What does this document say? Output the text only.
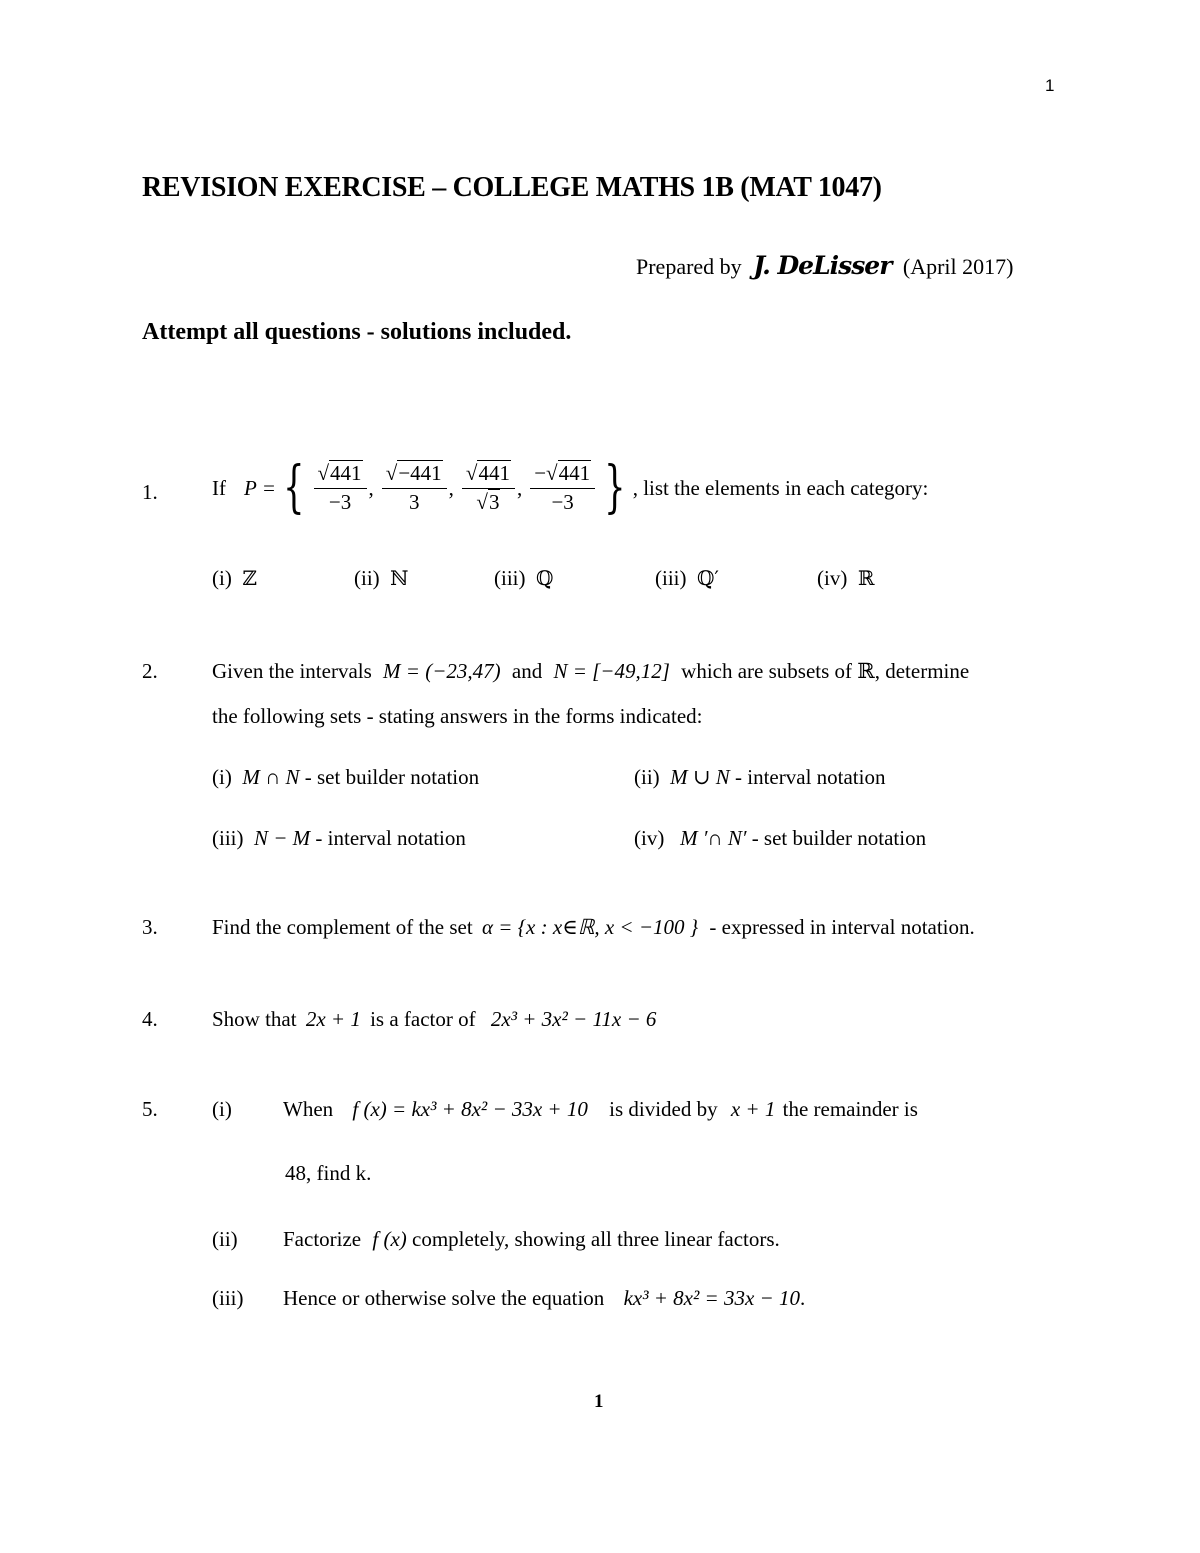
1
REVISION EXERCISE – COLLEGE MATHS 1B (MAT 1047)
Prepared by J. DeLisser (April 2017)
Attempt all questions - solutions included.
1.	If P = { $\frac{√441}{-3}$ , $\frac{√-441}{3}$ , $\frac{√441}{√3}$ , $\frac{-√441}{-3}$ } , list the elements in each category:
(i) ℤ	(ii) ℕ	(iii) ℚ	(iii) ℚ′	(iv) ℝ
2.	Given the intervals M = (−23,47) and N = [−49,12] which are subsets of ℝ, determine
the following sets - stating answers in the forms indicated:
(i) M ∩ N - set builder notation	(ii) M ∪ N - interval notation
(iii) N − M - interval notation	(iv) M ′∩ N′ - set builder notation
3.	Find the complement of the set α = {x : x∈ℝ, x < −100 } - expressed in interval notation.
4.	Show that 2x + 1 is a factor of 2x³ + 3x² − 11x − 6
5.	(i) When f (x) = kx³ + 8x² − 33x + 10 is divided by x + 1 the remainder is
48, find k.
(ii) Factorize f (x) completely, showing all three linear factors.
(iii) Hence or otherwise solve the equation kx³ + 8x² = 33x − 10.
1
